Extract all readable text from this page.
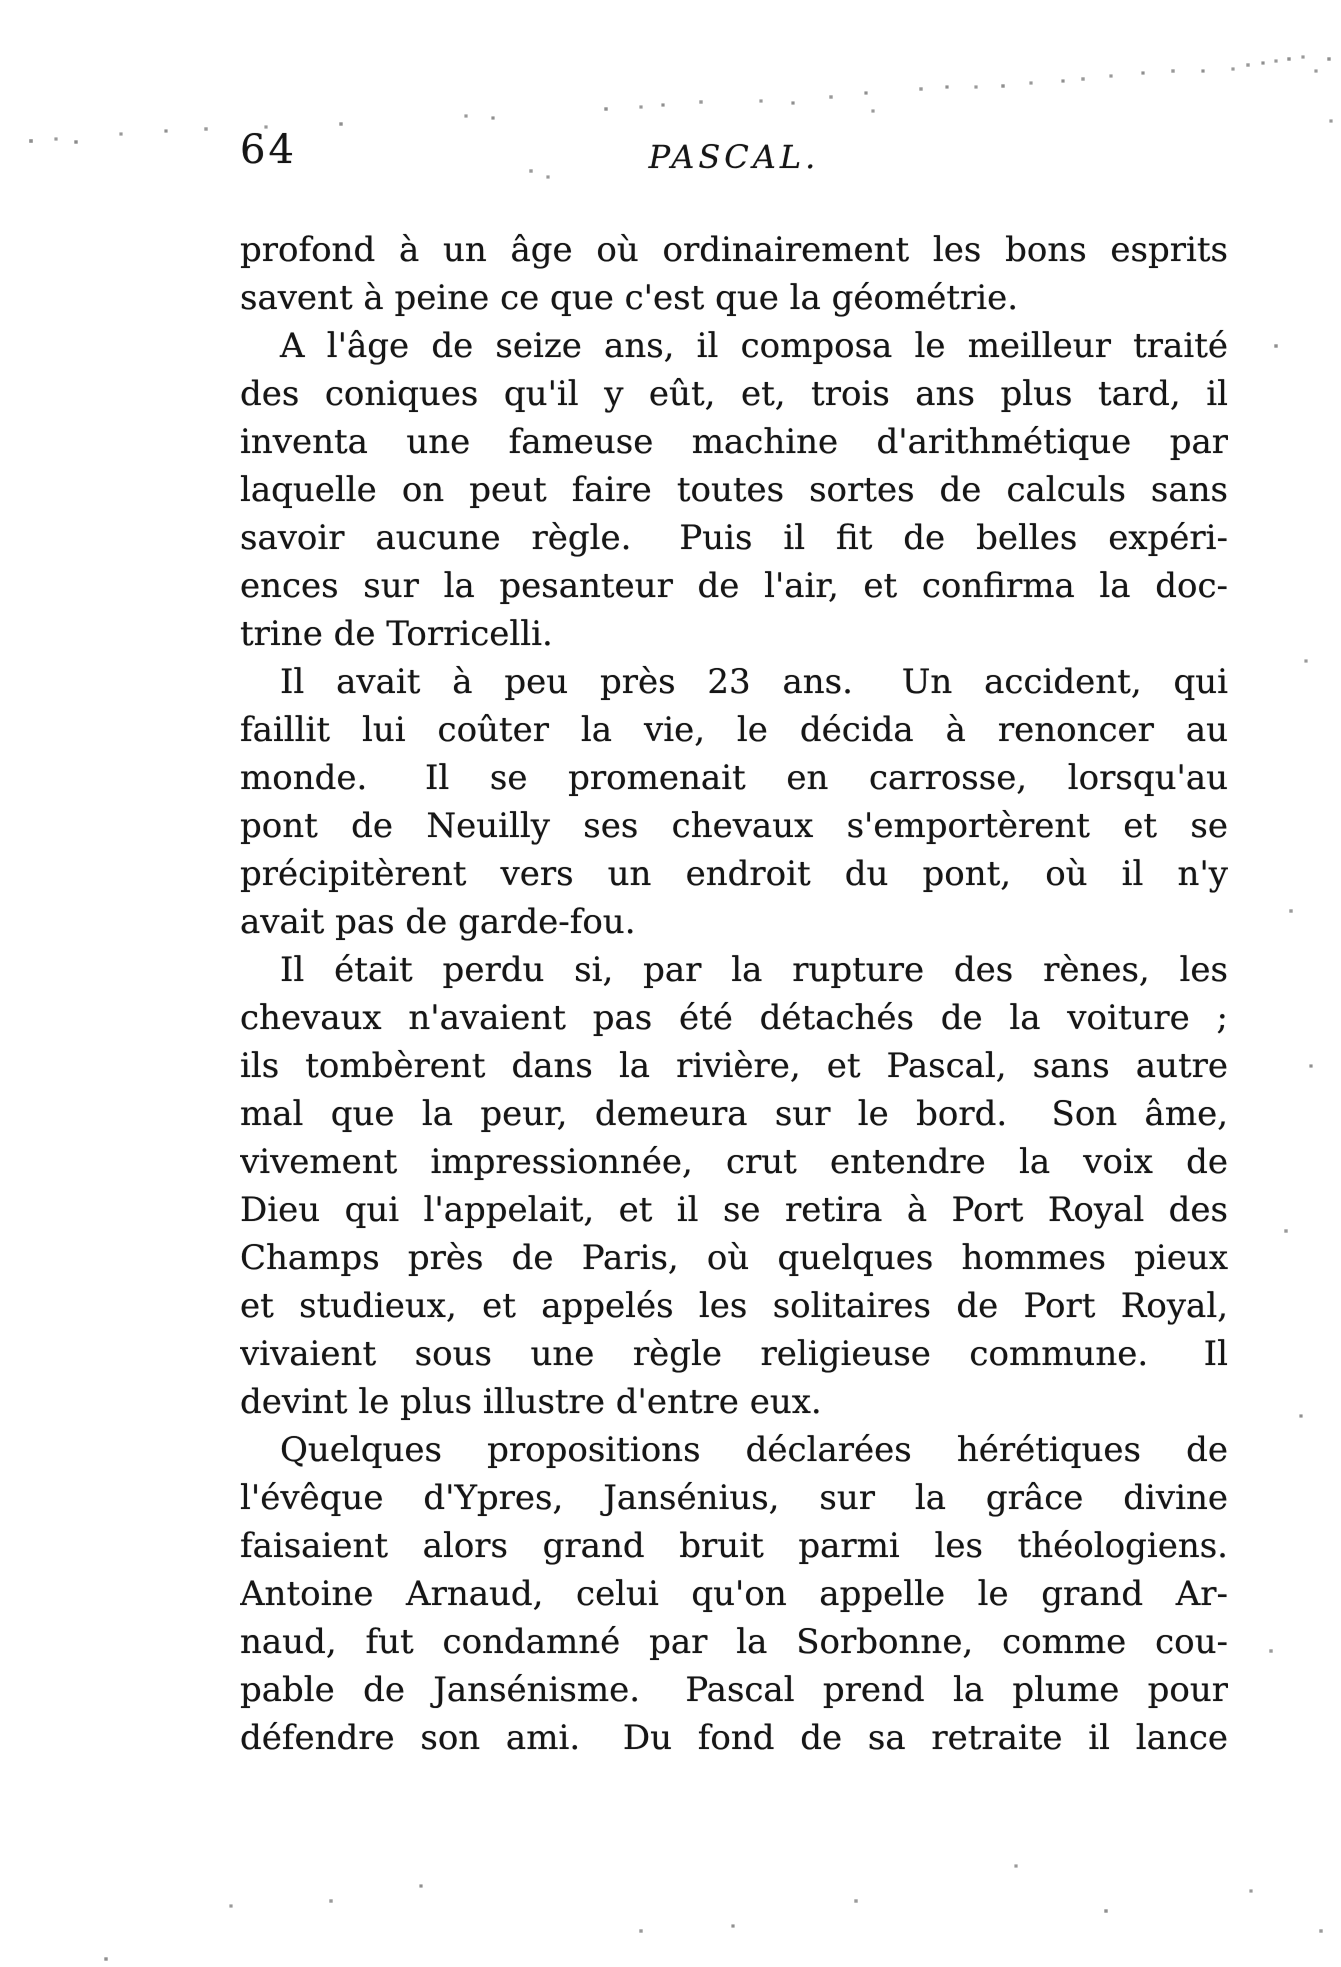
64	PASCAL.
profond à un âge où ordinairement les bons esprits
savent à peine ce que c'est que la géométrie.
A l'âge de seize ans, il composa le meilleur traité
des coniques qu'il y eût, et, trois ans plus tard, il
inventa une fameuse machine d'arithmétique par
laquelle on peut faire toutes sortes de calculs sans
savoir aucune règle.  Puis il fit de belles expéri-
ences sur la pesanteur de l'air, et confirma la doc-
trine de Torricelli.
Il avait à peu près 23 ans.  Un accident, qui
faillit lui coûter la vie, le décida à renoncer au
monde.  Il se promenait en carrosse, lorsqu'au
pont de Neuilly ses chevaux s'emportèrent et se
précipitèrent vers un endroit du pont, où il n'y
avait pas de garde-fou.
Il était perdu si, par la rupture des rènes, les
chevaux n'avaient pas été détachés de la voiture ;
ils tombèrent dans la rivière, et Pascal, sans autre
mal que la peur, demeura sur le bord.  Son âme,
vivement impressionnée, crut entendre la voix de
Dieu qui l'appelait, et il se retira à Port Royal des
Champs près de Paris, où quelques hommes pieux
et studieux, et appelés les solitaires de Port Royal,
vivaient sous une règle religieuse commune.  Il
devint le plus illustre d'entre eux.
Quelques propositions déclarées hérétiques de
l'évêque d'Ypres, Jansénius, sur la grâce divine
faisaient alors grand bruit parmi les théologiens.
Antoine Arnaud, celui qu'on appelle le grand Ar-
naud, fut condamné par la Sorbonne, comme cou-
pable de Jansénisme.  Pascal prend la plume pour
défendre son ami.  Du fond de sa retraite il lance
